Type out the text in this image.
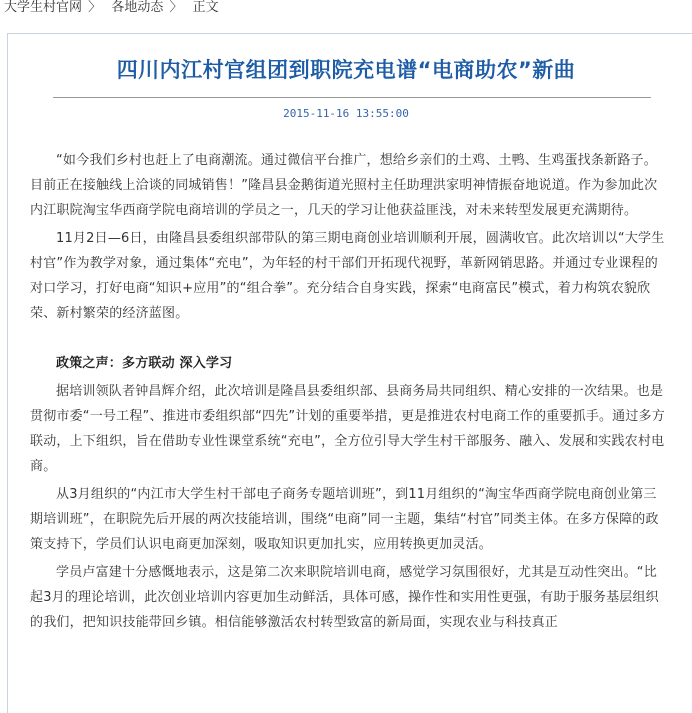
大学生村官网 〉 各地动态 〉 正文
四川内江村官组团到职院充电谱“电商助农”新曲
2015-11-16 13:55:00

“如今我们乡村也赶上了电商潮流。通过微信平台推广，想给乡亲们的土鸡、土鸭、生鸡蛋找条新路子。目前正在接触线上洽谈的同城销售！”隆昌县金鹅街道光照村主任助理洪家明神情振奋地说道。作为参加此次内江职院淘宝华西商学院电商培训的学员之一，几天的学习让他获益匪浅，对未来转型发展更充满期待。

11月2日—6日，由隆昌县委组织部带队的第三期电商创业培训顺利开展，圆满收官。此次培训以“大学生村官”作为教学对象，通过集体“充电”，为年轻的村干部们开拓现代视野，革新网销思路。并通过专业课程的对口学习，打好电商“知识+应用”的“组合拳”。充分结合自身实践，探索“电商富民”模式，着力构筑农貌欣荣、新村繁荣的经济蓝图。

政策之声：多方联动 深入学习

据培训领队者钟昌辉介绍，此次培训是隆昌县委组织部、县商务局共同组织、精心安排的一次结果。也是贯彻市委“一号工程”、推进市委组织部“四先”计划的重要举措，更是推进农村电商工作的重要抓手。通过多方联动，上下组织，旨在借助专业性课堂系统“充电”，全方位引导大学生村干部服务、融入、发展和实践农村电商。

从3月组织的“内江市大学生村干部电子商务专题培训班”，到11月组织的“淘宝华西商学院电商创业第三期培训班”，在职院先后开展的两次技能培训，围绕“电商”同一主题，集结“村官”同类主体。在多方保障的政策支持下，学员们认识电商更加深刻，吸取知识更加扎实，应用转换更加灵活。

学员卢富建十分感慨地表示，这是第二次来职院培训电商，感觉学习氛围很好，尤其是互动性突出。“比起3月的理论培训，此次创业培训内容更加生动鲜活，具体可感，操作性和实用性更强，有助于服务基层组织的我们，把知识技能带回乡镇。相信能够激活农村转型致富的新局面，实现农业与科技真正
